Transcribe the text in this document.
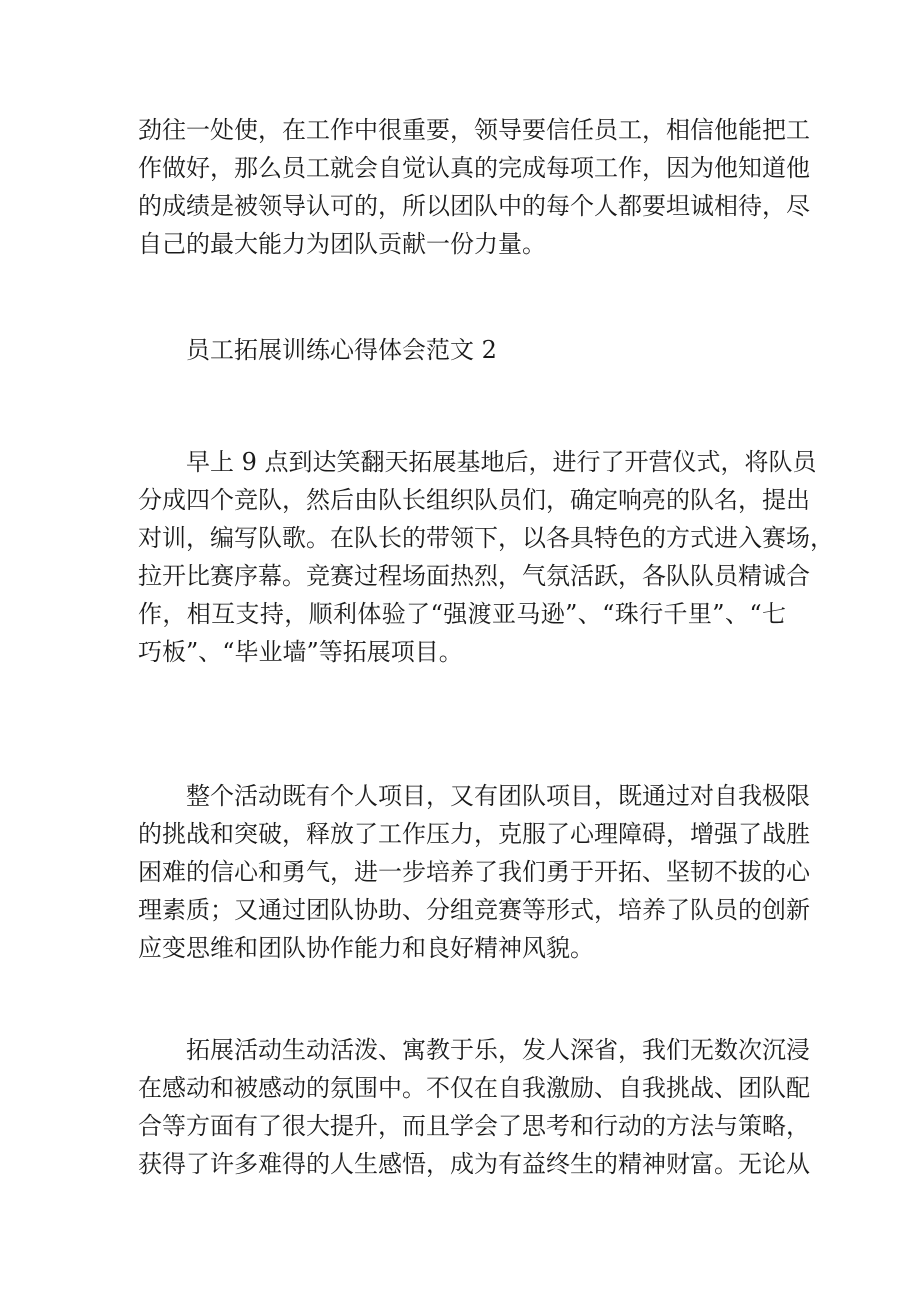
劲往一处使，在工作中很重要，领导要信任员工，相信他能把工
作做好，那么员工就会自觉认真的完成每项工作，因为他知道他
的成绩是被领导认可的，所以团队中的每个人都要坦诚相待，尽
自己的最大能力为团队贡献一份力量。
员工拓展训练心得体会范文 2
早上 9 点到达笑翻天拓展基地后，进行了开营仪式，将队员
分成四个竞队，然后由队长组织队员们，确定响亮的队名，提出
对训，编写队歌。在队长的带领下，以各具特色的方式进入赛场，
拉开比赛序幕。竞赛过程场面热烈，气氛活跃，各队队员精诚合
作，相互支持，顺利体验了“强渡亚马逊”、“珠行千里”、“七
巧板”、“毕业墙”等拓展项目。
整个活动既有个人项目，又有团队项目，既通过对自我极限
的挑战和突破，释放了工作压力，克服了心理障碍，增强了战胜
困难的信心和勇气，进一步培养了我们勇于开拓、坚韧不拔的心
理素质；又通过团队协助、分组竞赛等形式，培养了队员的创新
应变思维和团队协作能力和良好精神风貌。
拓展活动生动活泼、寓教于乐，发人深省，我们无数次沉浸
在感动和被感动的氛围中。不仅在自我激励、自我挑战、团队配
合等方面有了很大提升，而且学会了思考和行动的方法与策略，
获得了许多难得的人生感悟，成为有益终生的精神财富。无论从
